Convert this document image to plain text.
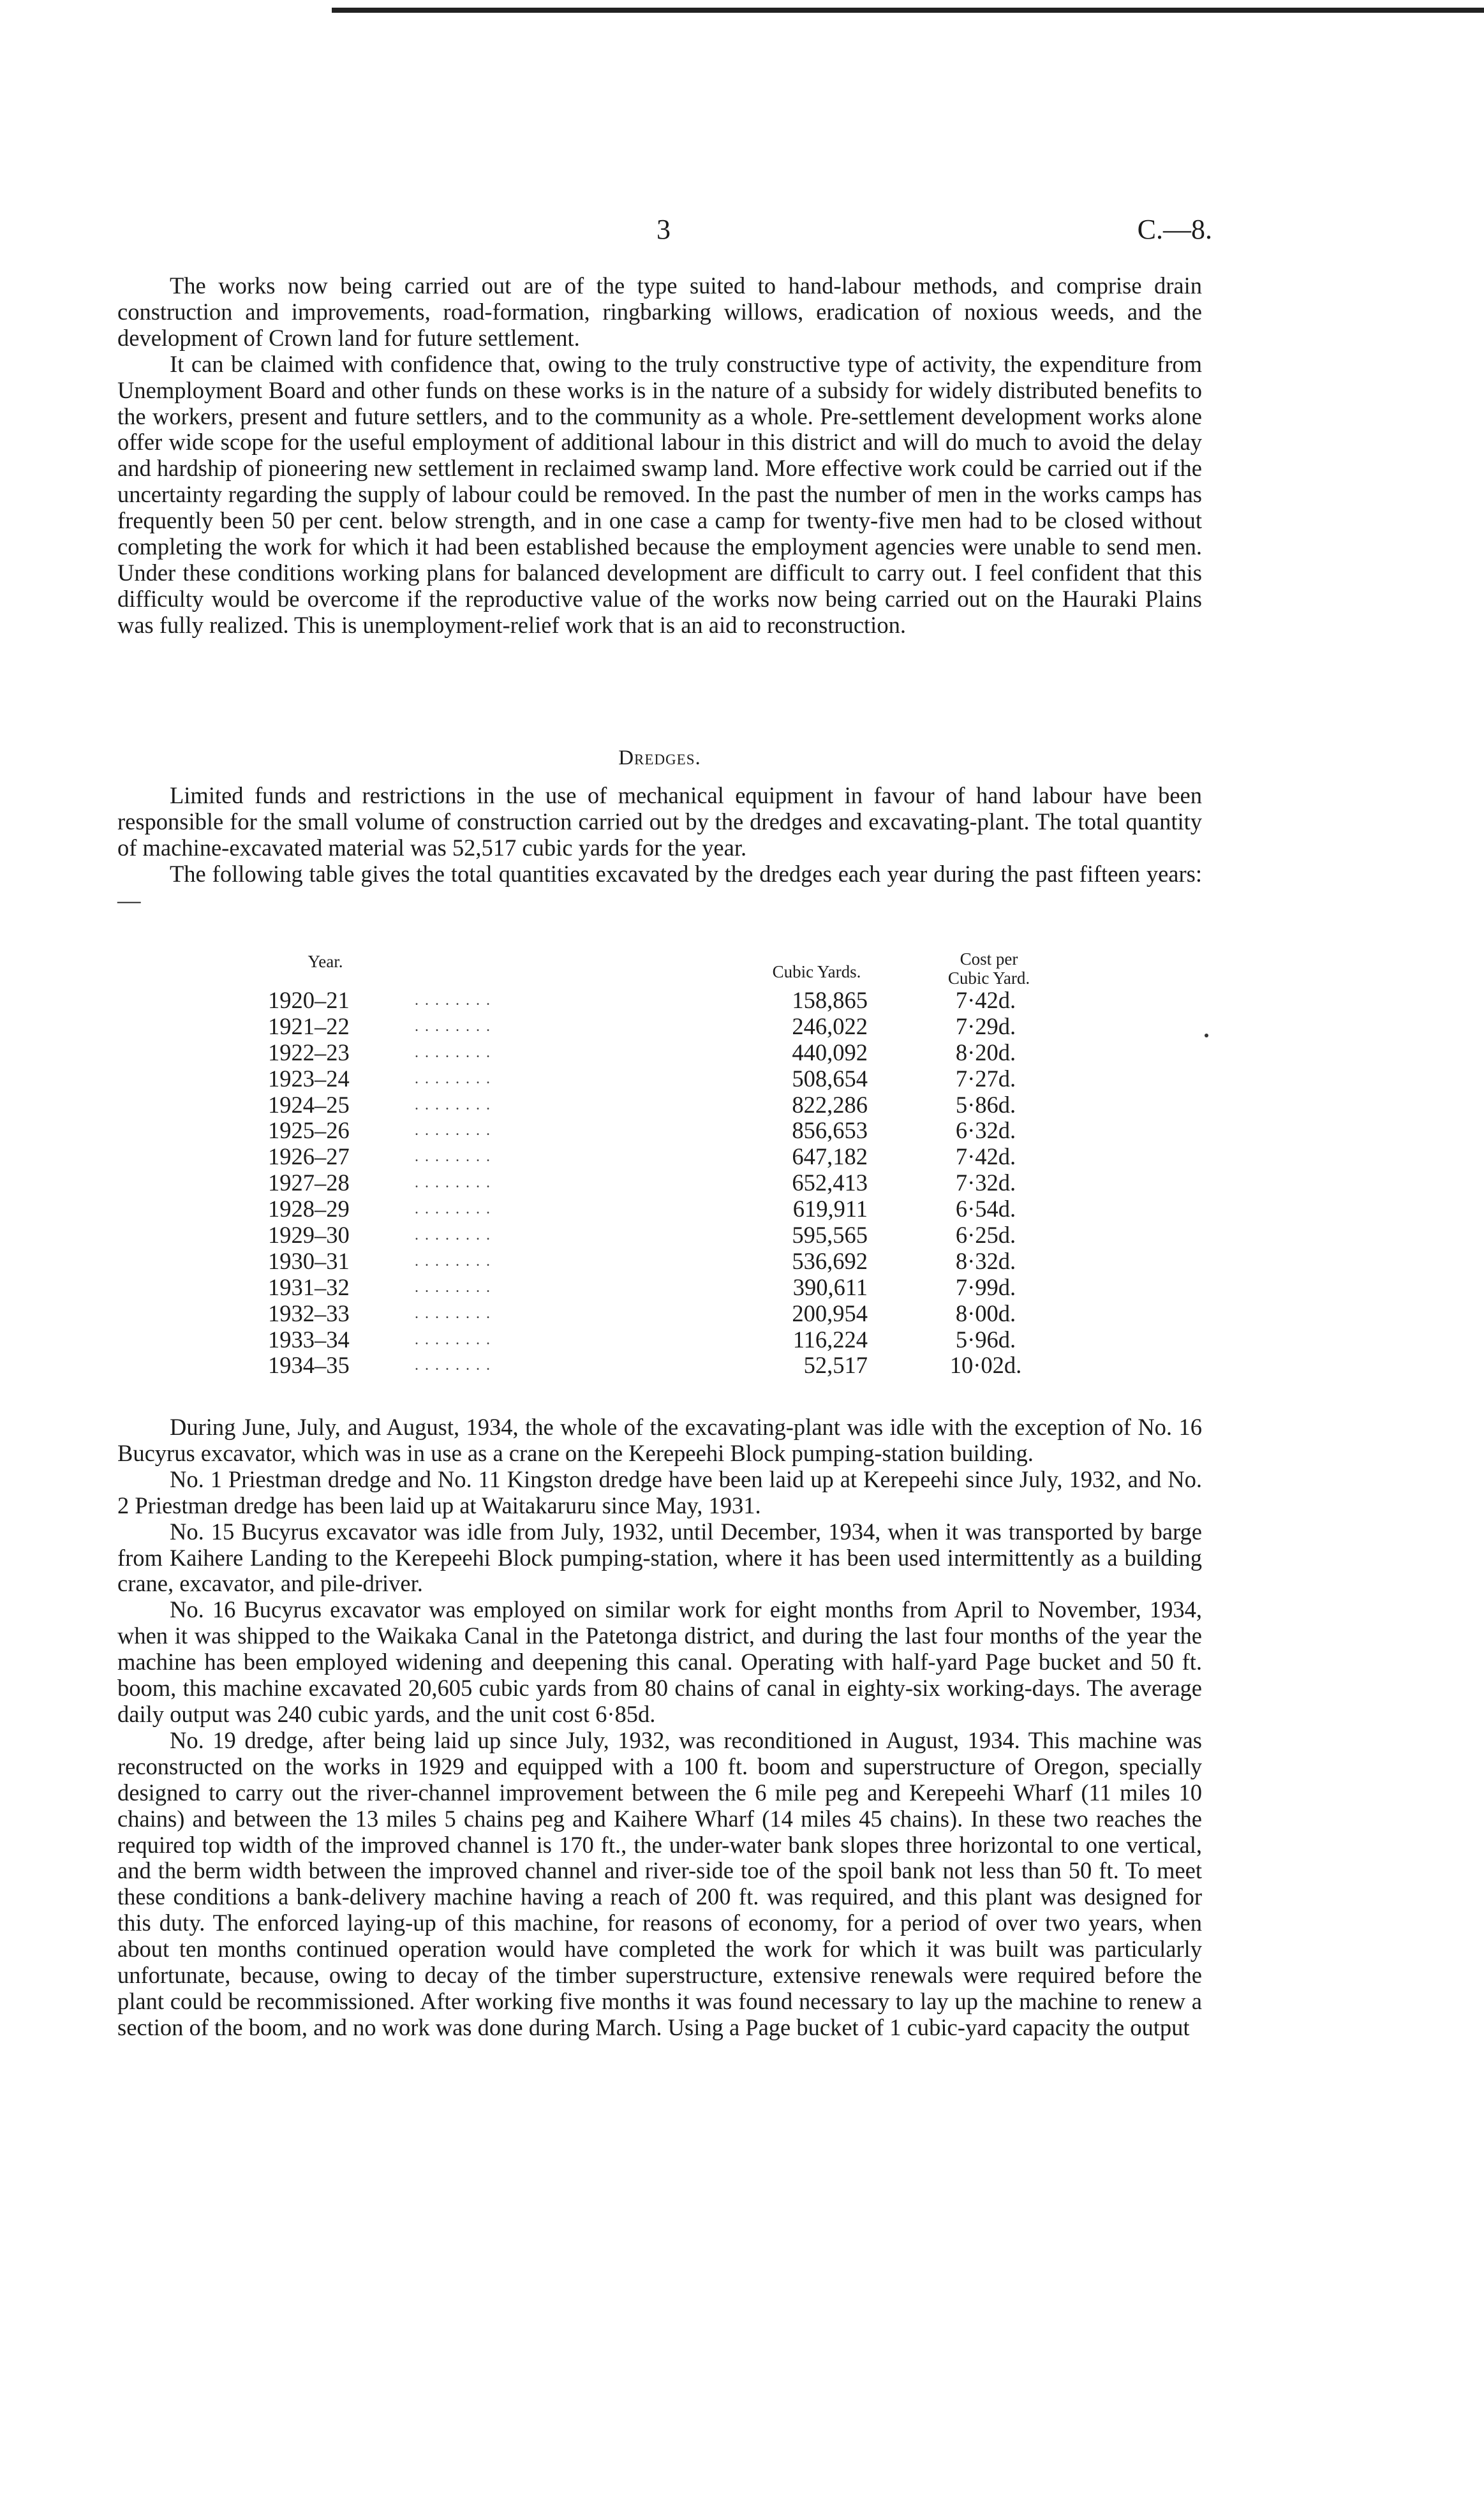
3	C.—8.

The works now being carried out are of the type suited to hand-labour methods, and comprise drain construction and improvements, road-formation, ringbarking willows, eradication of noxious weeds, and the development of Crown land for future settlement.

It can be claimed with confidence that, owing to the truly constructive type of activity, the expenditure from Unemployment Board and other funds on these works is in the nature of a subsidy for widely distributed benefits to the workers, present and future settlers, and to the community as a whole. Pre-settlement development works alone offer wide scope for the useful employment of additional labour in this district and will do much to avoid the delay and hardship of pioneering new settlement in reclaimed swamp land. More effective work could be carried out if the uncertainty regarding the supply of labour could be removed. In the past the number of men in the works camps has frequently been 50 per cent. below strength, and in one case a camp for twenty-five men had to be closed without completing the work for which it had been established because the employment agencies were unable to send men. Under these conditions working plans for balanced development are difficult to carry out. I feel confident that this difficulty would be overcome if the reproductive value of the works now being carried out on the Hauraki Plains was fully realized. This is unemployment-relief work that is an aid to reconstruction.

Dredges.

Limited funds and restrictions in the use of mechanical equipment in favour of hand labour have been responsible for the small volume of construction carried out by the dredges and excavating-plant. The total quantity of machine-excavated material was 52,517 cubic yards for the year.

The following table gives the total quantities excavated by the dredges each year during the past fifteen years:—

Year.
Cubic Yards.
Cost per
Cubic Yard.
1920–21	. . . . . . . .	158,865	7·42d.
1921–22	. . . . . . . .	246,022	7·29d.
1922–23	. . . . . . . .	440,092	8·20d.
1923–24	. . . . . . . .	508,654	7·27d.
1924–25	. . . . . . . .	822,286	5·86d.
1925–26	. . . . . . . .	856,653	6·32d.
1926–27	. . . . . . . .	647,182	7·42d.
1927–28	. . . . . . . .	652,413	7·32d.
1928–29	. . . . . . . .	619,911	6·54d.
1929–30	. . . . . . . .	595,565	6·25d.
1930–31	. . . . . . . .	536,692	8·32d.
1931–32	. . . . . . . .	390,611	7·99d.
1932–33	. . . . . . . .	200,954	8·00d.
1933–34	. . . . . . . .	116,224	5·96d.
1934–35	. . . . . . . .	52,517	10·02d.

During June, July, and August, 1934, the whole of the excavating-plant was idle with the exception of No. 16 Bucyrus excavator, which was in use as a crane on the Kerepeehi Block pumping-station building.

No. 1 Priestman dredge and No. 11 Kingston dredge have been laid up at Kerepeehi since July, 1932, and No. 2 Priestman dredge has been laid up at Waitakaruru since May, 1931.

No. 15 Bucyrus excavator was idle from July, 1932, until December, 1934, when it was transported by barge from Kaihere Landing to the Kerepeehi Block pumping-station, where it has been used intermittently as a building crane, excavator, and pile-driver.

No. 16 Bucyrus excavator was employed on similar work for eight months from April to November, 1934, when it was shipped to the Waikaka Canal in the Patetonga district, and during the last four months of the year the machine has been employed widening and deepening this canal. Operating with half-yard Page bucket and 50 ft. boom, this machine excavated 20,605 cubic yards from 80 chains of canal in eighty-six working-days. The average daily output was 240 cubic yards, and the unit cost 6·85d.

No. 19 dredge, after being laid up since July, 1932, was reconditioned in August, 1934. This machine was reconstructed on the works in 1929 and equipped with a 100 ft. boom and superstructure of Oregon, specially designed to carry out the river-channel improvement between the 6 mile peg and Kerepeehi Wharf (11 miles 10 chains) and between the 13 miles 5 chains peg and Kaihere Wharf (14 miles 45 chains). In these two reaches the required top width of the improved channel is 170 ft., the under-water bank slopes three horizontal to one vertical, and the berm width between the improved channel and river-side toe of the spoil bank not less than 50 ft. To meet these conditions a bank-delivery machine having a reach of 200 ft. was required, and this plant was designed for this duty. The enforced laying-up of this machine, for reasons of economy, for a period of over two years, when about ten months continued operation would have completed the work for which it was built was particularly unfortunate, because, owing to decay of the timber superstructure, extensive renewals were required before the plant could be recommissioned. After working five months it was found necessary to lay up the machine to renew a section of the boom, and no work was done during March. Using a Page bucket of 1 cubic-yard capacity the output
